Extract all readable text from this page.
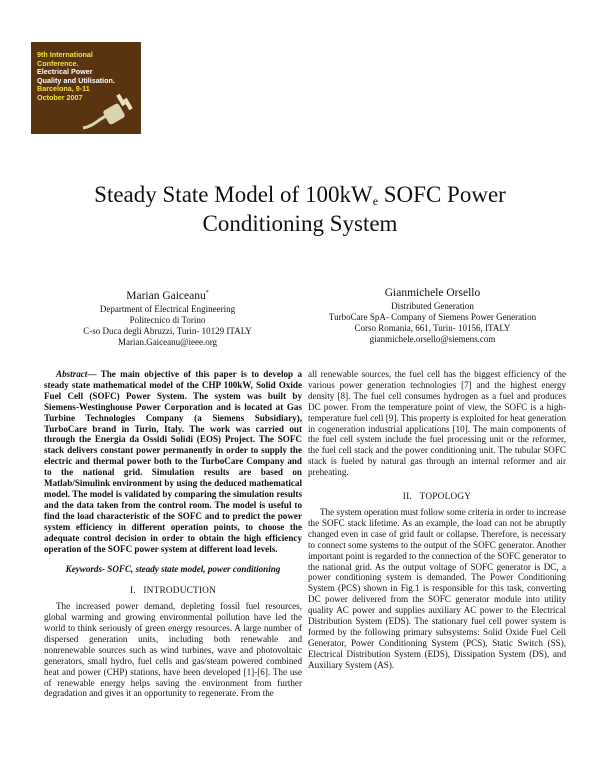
9th International
Conference.
Electrical Power
Quality and Utilisation.
Barcelona, 9-11
October 2007
Steady State Model of $100kW_e$ SOFC Power Conditioning System
Marian Gaiceanu*
Department of Electrical Engineering
Politecnico di Torino
C-so Duca degli Abruzzi, Turin- 10129 ITALY
Marian.Gaiceanu@ieee.org
Gianmichele Orsello
Distributed Generation
TurboCare SpA- Company of Siemens Power Generation
Corso Romania, 661, Turin- 10156, ITALY
gianmichele.orsello@siemens.com

Abstract— The main objective of this paper is to develop a steady state mathematical model of the CHP 100kW, Solid Oxide Fuel Cell (SOFC) Power System. The system was built by Siemens-Westinghouse Power Corporation and is located at Gas Turbine Technologies Company (a Siemens Subsidiary), TurboCare brand in Turin, Italy. The work was carried out through the Energia da Ossidi Solidi (EOS) Project. The SOFC stack delivers constant power permanently in order to supply the electric and thermal power both to the TurboCare Company and to the national grid. Simulation results are based on Matlab/Simulink environment by using the deduced mathematical model. The model is validated by comparing the simulation results and the data taken from the control room. The model is useful to find the load characteristic of the SOFC and to predict the power system efficiency in different operation points, to choose the adequate control decision in order to obtain the high efficiency operation of the SOFC power system at different load levels.

Keywords- SOFC, steady state model, power conditioning

I. INTRODUCTION

The increased power demand, depleting fossil fuel resources, global warming and growing environmental pollution have led the world to think seriously of green energy resources. A large number of dispersed generation units, including both renewable and nonrenewable sources such as wind turbines, wave and photovoltaic generators, small hydro, fuel cells and gas/steam powered combined heat and power (CHP) stations, have been developed [1]-[6]. The use of renewable energy helps saving the environment from further degradation and gives it an opportunity to regenerate. From the

all renewable sources, the fuel cell has the biggest efficiency of the various power generation technologies [7] and the highest energy density [8]. The fuel cell consumes hydrogen as a fuel and produces DC power. From the temperature point of view, the SOFC is a high-temperature fuel cell [9]. This property is exploited for heat generation in cogeneration industrial applications [10]. The main components of the fuel cell system include the fuel processing unit or the reformer, the fuel cell stack and the power conditioning unit. The tubular SOFC stack is fueled by natural gas through an internal reformer and air preheating.

II. TOPOLOGY

The system operation must follow some criteria in order to increase the SOFC stack lifetime. As an example, the load can not be abruptly changed even in case of grid fault or collapse. Therefore, is necessary to connect some systems to the output of the SOFC generator. Another important point is regarded to the connection of the SOFC generator to the national grid. As the output voltage of SOFC generator is DC, a power conditioning system is demanded. The Power Conditioning System (PCS) shown in Fig.1 is responsible for this task, converting DC power delivered from the SOFC generator module into utility quality AC power and supplies auxiliary AC power to the Electrical Distribution System (EDS). The stationary fuel cell power system is formed by the following primary subsystems: Solid Oxide Fuel Cell Generator, Power Conditioning System (PCS), Static Switch (SS), Electrical Distribution System (EDS), Dissipation System (DS), and Auxiliary System (AS).
